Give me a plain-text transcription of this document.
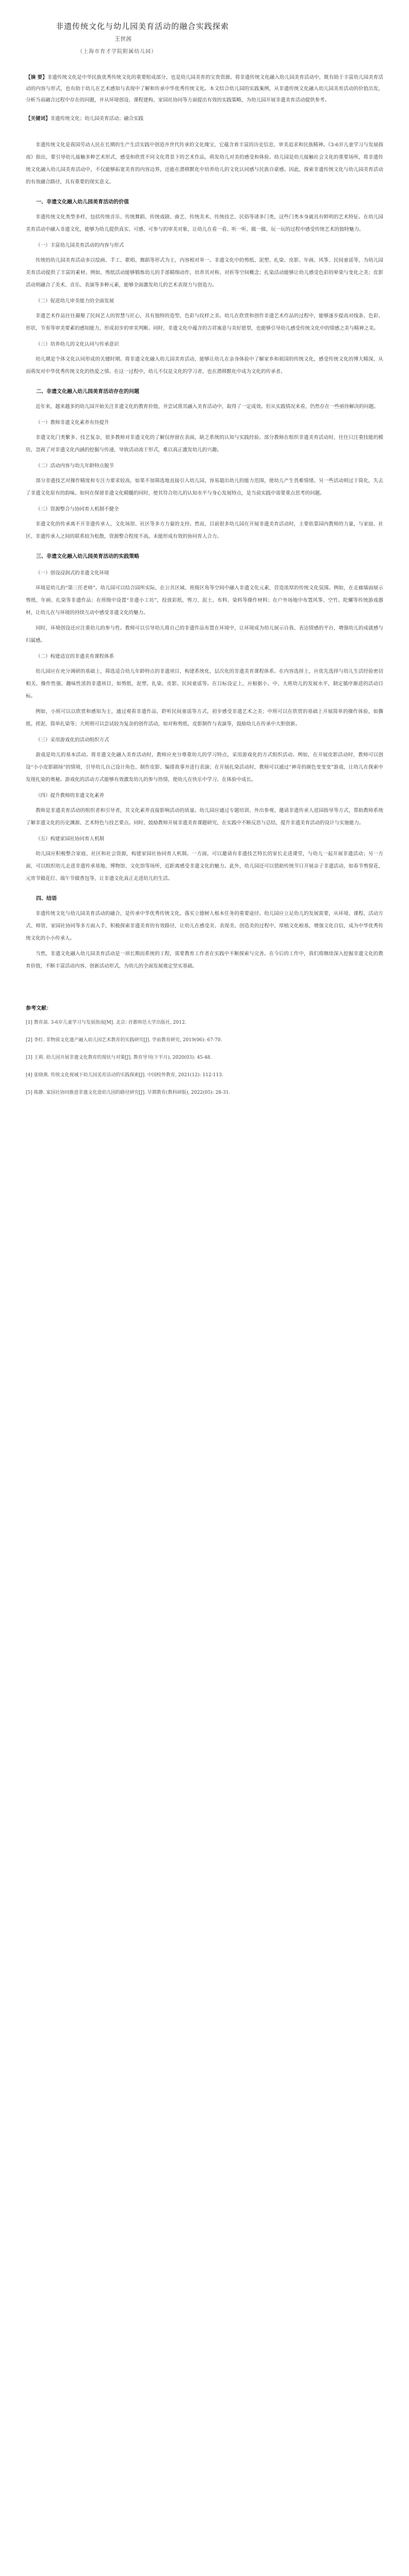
非遗传统文化与幼儿园美育活动的融合实践探索
王世茜
（上海市育才学院附属幼儿园）
【摘 要】非遗传统文化是中华民族优秀传统文化的重要组成部分，也是幼儿园美育的宝贵资源。将非遗传统文化融入幼儿园美育活动中，既有助于丰富幼儿园美育活动的内容与形式，也有助于幼儿在艺术感知与表现中了解和传承中华优秀传统文化。本文结合幼儿园的实践案例，从非遗传统文化融入幼儿园美育活动的价值出发，分析当前融合过程中存在的问题，并从环境创设、课程建构、家园社协同等方面提出有效的实践策略，为幼儿园开展非遗美育活动提供参考。
【关键词】非遗传统文化；幼儿园美育活动；融合实践

非遗传统文化是我国劳动人民在长期的生产生活实践中创造并世代传承的文化瑰宝，它蕴含着丰富的历史信息、审美追求和民族精神。《3-6岁儿童学习与发展指南》指出，要引导幼儿接触多种艺术形式，感受和欣赏不同文化背景下的艺术作品，萌发幼儿对美的感受和体验。幼儿园是幼儿接触社会文化的重要场所，将非遗传统文化融入幼儿园美育活动中，不仅能够拓宽美育的内容边界，还能在潜移默化中培养幼儿的文化认同感与民族自豪感。因此，探索非遗传统文化与幼儿园美育活动的有效融合路径，具有重要的现实意义。

一、非遗文化融入幼儿园美育活动的价值

非遗传统文化类型多样，包括传统音乐、传统舞蹈、传统戏剧、曲艺、传统美术、传统技艺、民俗等诸多门类，这些门类本身就具有鲜明的艺术特征。在幼儿园美育活动中融入非遗文化，能够为幼儿提供真实、可感、可参与的审美对象，让幼儿在看一看、听一听、做一做、玩一玩的过程中感受传统艺术的独特魅力。

（一）丰富幼儿园美育活动的内容与形式

传统的幼儿园美育活动多以绘画、手工、歌唱、舞蹈等形式为主，内容相对单一。非遗文化中的剪纸、泥塑、扎染、皮影、年画、风筝、民间童谣等，为幼儿园美育活动提供了丰富的素材。例如，剪纸活动能够锻炼幼儿的手部精细动作，培养其对称、对折等空间概念；扎染活动能够让幼儿感受色彩的晕染与变化之美；皮影活动则融合了美术、音乐、表演等多种元素，能够全面激发幼儿的艺术表现力与创造力。

（二）促进幼儿审美能力的全面发展

非遗艺术作品往往凝聚了民间艺人的智慧与匠心，具有独特的造型、色彩与纹样之美。幼儿在欣赏和创作非遗艺术作品的过程中，能够逐步提高对线条、色彩、形状、节奏等审美要素的感知能力，形成初步的审美判断。同时，非遗文化中蕴含的吉祥寓意与美好愿望，也能够引导幼儿感受传统文化中的情感之美与精神之美。

（三）培养幼儿的文化认同与传承意识

幼儿期是个体文化认同形成的关键时期。将非遗文化融入幼儿园美育活动，能够让幼儿在亲身体验中了解家乡和祖国的传统文化，感受传统文化的博大精深，从而萌发对中华优秀传统文化的热爱之情。在这一过程中，幼儿不仅是文化的学习者，也在潜移默化中成为文化的传承者。

二、非遗文化融入幼儿园美育活动存在的问题

近年来，越来越多的幼儿园开始关注非遗文化的教育价值，并尝试将其融入美育活动中，取得了一定成效。但从实践情况来看，仍然存在一些亟待解决的问题。

（一）教师非遗文化素养有待提升

非遗文化门类繁多、技艺复杂，很多教师对非遗文化的了解仅停留在表面，缺乏系统的认知与实践经验。部分教师在组织非遗美育活动时，往往只注重技能的模仿，忽视了对非遗文化内涵的挖掘与传递，导致活动流于形式，难以真正激发幼儿的兴趣。

（二）活动内容与幼儿年龄特点脱节

部分非遗技艺对操作精度和专注力要求较高，如果不加筛选地直接引入幼儿园，容易超出幼儿的能力范围，使幼儿产生畏难情绪。另一些活动则过于简化，失去了非遗文化原有的韵味。如何在保留非遗文化精髓的同时，使其符合幼儿的认知水平与身心发展特点，是当前实践中需要重点思考的问题。

（三）资源整合与协同育人机制不健全

非遗文化的传承离不开非遗传承人、文化场馆、社区等多方力量的支持。然而，目前很多幼儿园在开展非遗美育活动时，主要依靠园内教师的力量，与家庭、社区、非遗传承人之间的联系较为松散，资源整合程度不高，未能形成有效的协同育人合力。

三、非遗文化融入幼儿园美育活动的实践策略
（一）创设浸润式的非遗文化环境

环境是幼儿的“第三任老师”。幼儿园可以结合园所实际，在公共区域、班级区角等空间中融入非遗文化元素，营造浓厚的传统文化氛围。例如，在走廊墙面展示剪纸、年画、扎染等非遗作品；在班级中设置“非遗小工坊”，投放彩纸、剪刀、泥土、布料、染料等操作材料；在户外场地中布置风筝、空竹、陀螺等传统游戏器材，让幼儿在与环境的持续互动中感受非遗文化的魅力。

同时，环境创设还应注重幼儿的参与性。教师可以引导幼儿将自己的非遗作品布置在环境中，让环境成为幼儿展示自我、表达情感的平台，增强幼儿的成就感与归属感。

（二）构建适宜的非遗美育课程体系

幼儿园应在充分调研的基础上，筛选适合幼儿年龄特点的非遗项目，构建系统化、层次化的非遗美育课程体系。在内容选择上，应优先选择与幼儿生活经验密切相关、操作性强、趣味性浓的非遗项目，如剪纸、泥塑、扎染、皮影、民间童谣等。在目标设定上，应根据小、中、大班幼儿的发展水平，制定循序渐进的活动目标。

例如，小班可以以欣赏和感知为主，通过观看非遗作品、聆听民间童谣等方式，初步感受非遗艺术之美；中班可以在欣赏的基础上开展简单的操作体验，如撕纸、搓泥、简单扎染等；大班则可以尝试较为复杂的创作活动，如对称剪纸、皮影制作与表演等，鼓励幼儿在传承中大胆创新。

（三）采用游戏化的活动组织方式

游戏是幼儿的基本活动。将非遗文化融入美育活动时，教师应充分尊重幼儿的学习特点，采用游戏化的方式组织活动。例如，在开展皮影活动时，教师可以创设“小小皮影剧场”的情境，引导幼儿自己设计角色、制作皮影、编排故事并进行表演；在开展扎染活动时，教师可以通过“神奇的颜色变变变”游戏，让幼儿在探索中发现扎染的奥秘。游戏化的活动方式能够有效激发幼儿的参与热情，使幼儿在快乐中学习、在体验中成长。

（四）提升教师的非遗文化素养

教师是非遗美育活动的组织者和引导者，其文化素养直接影响活动的质量。幼儿园应通过专题培训、外出参观、邀请非遗传承人进园指导等方式，帮助教师系统了解非遗文化的历史渊源、艺术特色与技艺要点。同时，鼓励教师开展非遗美育课题研究，在实践中不断反思与总结，提升非遗美育活动的设计与实施能力。

（五）构建家园社协同育人机制

幼儿园应积极整合家庭、社区和社会资源，构建家园社协同育人机制。一方面，可以邀请有非遗技艺特长的家长走进课堂，与幼儿一起开展非遗活动；另一方面，可以组织幼儿走进非遗传承基地、博物馆、文化馆等场所，近距离感受非遗文化的魅力。此外，幼儿园还可以借助传统节日开展亲子非遗活动，如春节剪窗花、元宵节做花灯、端午节做香包等，让非遗文化真正走进幼儿的生活。

四、结语

非遗传统文化与幼儿园美育活动的融合，是传承中华优秀传统文化、落实立德树人根本任务的重要途径。幼儿园应立足幼儿的发展需要，从环境、课程、活动方式、师资、家园社协同等多方面入手，积极探索非遗美育的有效路径，让幼儿在感受美、表现美、创造美的过程中，厚植文化根基，增强文化自信，成为中华优秀传统文化的小小传承人。

当然，非遗文化融入幼儿园美育活动是一项长期而系统的工程，需要教育工作者在实践中不断探索与完善。在今后的工作中，我们将继续深入挖掘非遗文化的教育价值，不断丰富活动内容、创新活动形式，为幼儿的全面发展奠定坚实基础。

参考文献：
[1] 教育部. 3-6岁儿童学习与发展指南[M]. 北京: 首都师范大学出版社, 2012.
[2] 李红. 非物质文化遗产融入幼儿园艺术教育的实践研究[J]. 学前教育研究, 2019(06): 67-70.
[3] 王莉. 幼儿园开展非遗文化教育的现状与对策[J]. 教育导刊(下半月), 2020(03): 45-48.
[4] 张晓燕. 传统文化视域下幼儿园美育活动的实践探索[J]. 中国校外教育, 2021(12): 112-113.
[5] 陈静. 家园社协同推进非遗文化进幼儿园的路径研究[J]. 早期教育(教科研版), 2022(05): 28-31.
